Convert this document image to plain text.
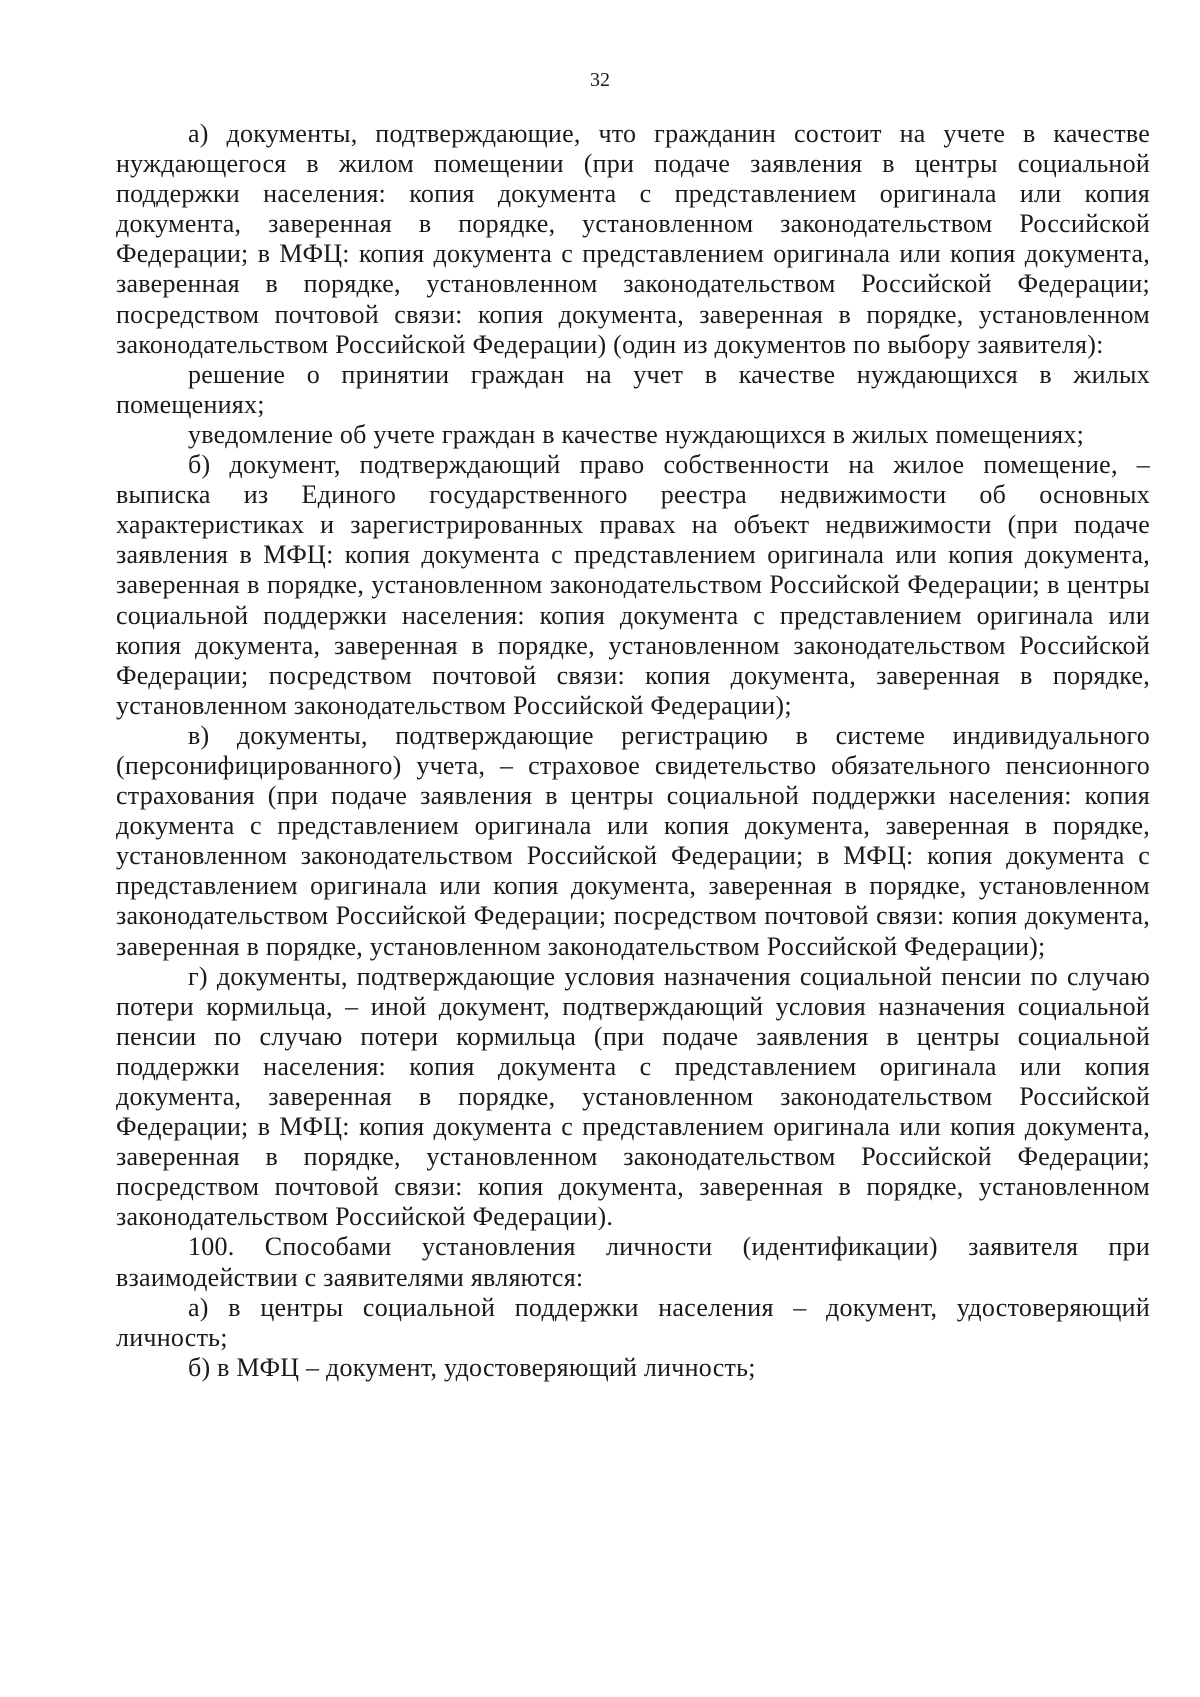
32

а) документы, подтверждающие, что гражданин состоит на учете в качестве нуждающегося в жилом помещении (при подаче заявления в центры социальной поддержки населения: копия документа с представлением оригинала или копия документа, заверенная в порядке, установленном законодательством Российской Федерации; в МФЦ: копия документа с представлением оригинала или копия документа, заверенная в порядке, установленном законодательством Российской Федерации; посредством почтовой связи: копия документа, заверенная в порядке, установленном законодательством Российской Федерации) (один из документов по выбору заявителя):

решение о принятии граждан на учет в качестве нуждающихся в жилых помещениях;

уведомление об учете граждан в качестве нуждающихся в жилых помещениях;

б) документ, подтверждающий право собственности на жилое помещение, – выписка из Единого государственного реестра недвижимости об основных характеристиках и зарегистрированных правах на объект недвижимости (при подаче заявления в МФЦ: копия документа с представлением оригинала или копия документа, заверенная в порядке, установленном законодательством Российской Федерации; в центры социальной поддержки населения: копия документа с представлением оригинала или копия документа, заверенная в порядке, установленном законодательством Российской Федерации; посредством почтовой связи: копия документа, заверенная в порядке, установленном законодательством Российской Федерации);

в) документы, подтверждающие регистрацию в системе индивидуального (персонифицированного) учета, – страховое свидетельство обязательного пенсионного страхования (при подаче заявления в центры социальной поддержки населения: копия документа с представлением оригинала или копия документа, заверенная в порядке, установленном законодательством Российской Федерации; в МФЦ: копия документа с представлением оригинала или копия документа, заверенная в порядке, установленном законодательством Российской Федерации; посредством почтовой связи: копия документа, заверенная в порядке, установленном законодательством Российской Федерации);

г) документы, подтверждающие условия назначения социальной пенсии по случаю потери кормильца, – иной документ, подтверждающий условия назначения социальной пенсии по случаю потери кормильца (при подаче заявления в центры социальной поддержки населения: копия документа с представлением оригинала или копия документа, заверенная в порядке, установленном законодательством Российской Федерации; в МФЦ: копия документа с представлением оригинала или копия документа, заверенная в порядке, установленном законодательством Российской Федерации; посредством почтовой связи: копия документа, заверенная в порядке, установленном законодательством Российской Федерации).

100. Способами установления личности (идентификации) заявителя при взаимодействии с заявителями являются:

а) в центры социальной поддержки населения – документ, удостоверяющий личность;

б) в МФЦ – документ, удостоверяющий личность;
